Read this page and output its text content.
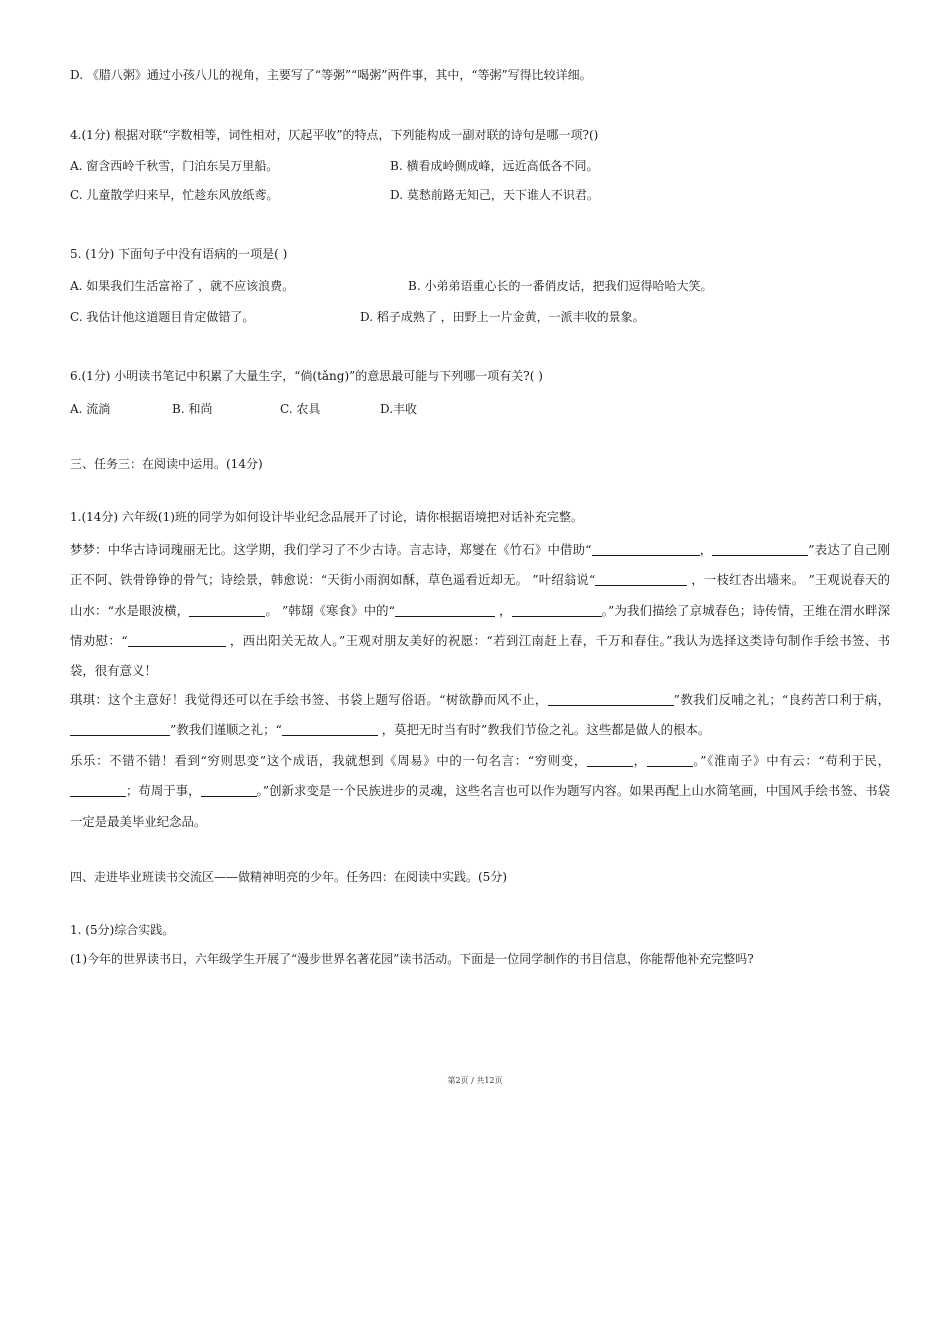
D. 《腊八粥》通过小孩八儿的视角，主要写了“等粥”“喝粥”两件事，其中，“等粥”写得比较详细。
4.(1分) 根据对联“字数相等，词性相对，仄起平收”的特点，下列能构成一副对联的诗句是哪一项?()
A. 窗含西岭千秋雪，门泊东吴万里船。	B. 横看成岭侧成峰，远近高低各不同。
C. 儿童散学归来早，忙趁东风放纸鸢。	D. 莫愁前路无知己，天下谁人不识君。
5. (1分) 下面句子中没有语病的一项是( )
A. 如果我们生活富裕了 ，就不应该浪费。	B. 小弟弟语重心长的一番俏皮话，把我们逗得哈哈大笑。
C. 我估计他这道题目肯定做错了。	D. 稻子成熟了 ，田野上一片金黄，一派丰收的景象。
6.(1分) 小明读书笔记中积累了大量生字，“倘(tǎng)”的意思最可能与下列哪一项有关?( )
A. 流淌	B. 和尚	C. 农具	D.丰收
三、任务三：在阅读中运用。(14分)
1.(14分) 六年级(1)班的同学为如何设计毕业纪念品展开了讨论，请你根据语境把对话补充完整。
梦梦：中华古诗词瑰丽无比。这学期，我们学习了不少古诗。言志诗，郑燮在《竹石》中借助“	，	”表达了自己刚正不阿、铁骨铮铮的骨气；诗绘景，韩愈说：“天街小雨润如酥，草色遥看近却无。 ”叶绍翁说“	，一枝红杏出墙来。 ”王观说春天的山水：“水是眼波横，	。 ”韩翃《寒食》中的“	，	。”为我们描绘了京城春色；诗传情，王维在渭水畔深情劝慰：“	，西出阳关无故人。”王观对朋友美好的祝愿：“若到江南赶上春，千万和春住。”我认为选择这类诗句制作手绘书签、书袋，很有意义！
琪琪：这个主意好！我觉得还可以在手绘书签、书袋上题写俗语。“树欲静而风不止，	”教我们反哺之礼；“良药苦口利于病，”教我们谨顺之礼；“	，莫把无时当有时”教我们节俭之礼。这些都是做人的根本。
乐乐：不错不错！看到“穷则思变”这个成语，我就想到《周易》中的一句名言：“穷则变，	，	。”《淮南子》中有云：“苟利于民，；苟周于事，	。”创新求变是一个民族进步的灵魂，这些名言也可以作为题写内容。如果再配上山水简笔画，中国风手绘书签、书袋一定是最美毕业纪念品。
四、走进毕业班读书交流区——做精神明亮的少年。任务四：在阅读中实践。(5分)
1. (5分)综合实践。
(1)今年的世界读书日，六年级学生开展了“漫步世界名著花园”读书活动。下面是一位同学制作的书目信息，你能帮他补充完整吗?
第2页 / 共12页
